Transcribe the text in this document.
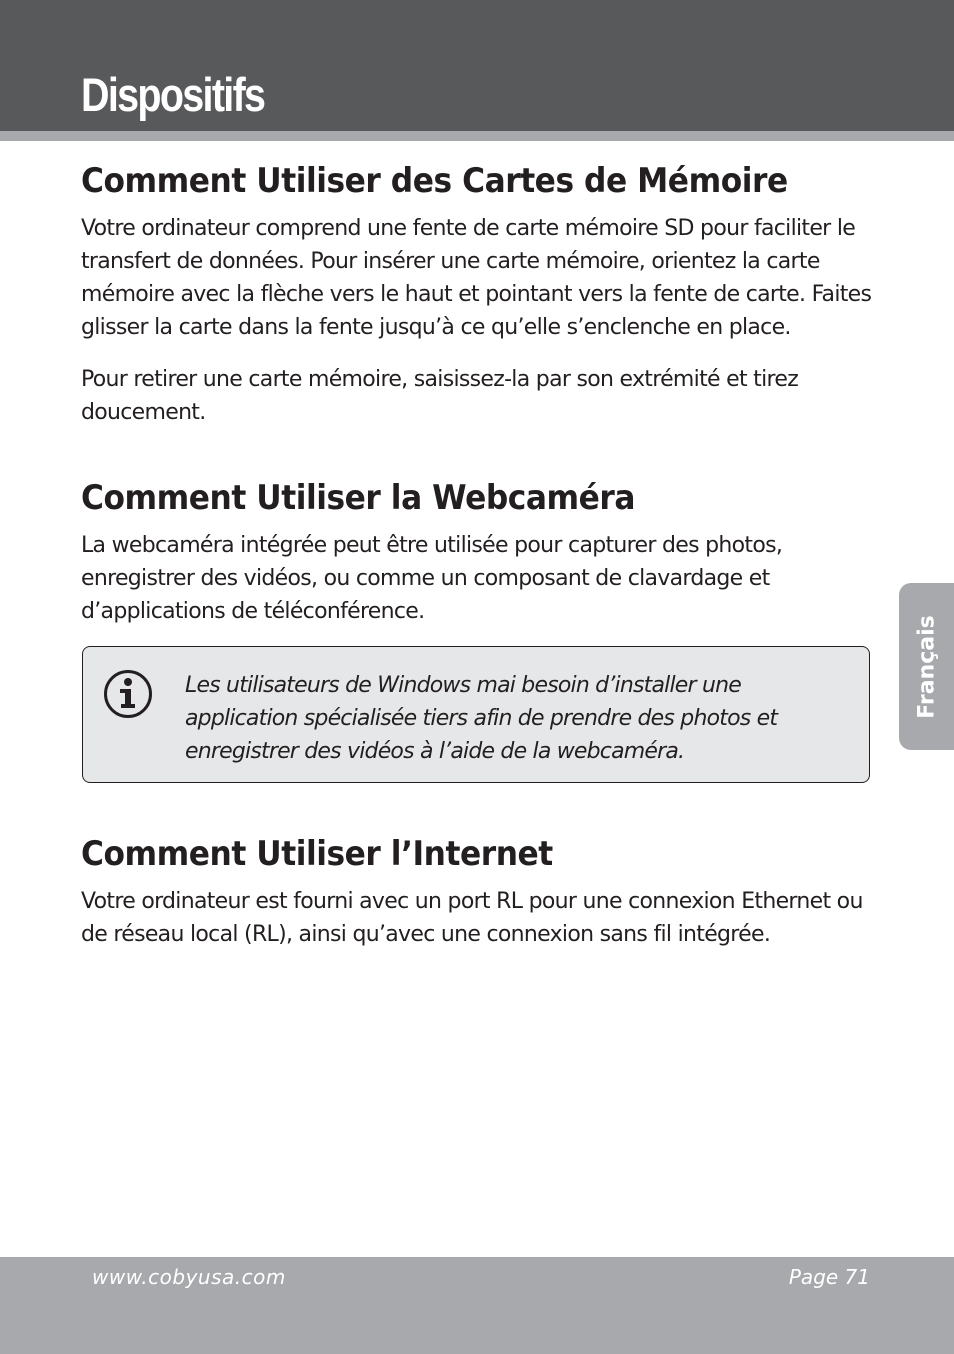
Dispositifs
Comment Utiliser des Cartes de Mémoire

Votre ordinateur comprend une fente de carte mémoire SD pour faciliter le transfert de données. Pour insérer une carte mémoire, orientez la carte mémoire avec la flèche vers le haut et pointant vers la fente de carte. Faites glisser la carte dans la fente jusqu’à ce qu’elle s’enclenche en place.

Pour retirer une carte mémoire, saisissez-la par son extrémité et tirez doucement.

Comment Utiliser la Webcaméra

La webcaméra intégrée peut être utilisée pour capturer des photos, enregistrer des vidéos, ou comme un composant de clavardage et d’applications de téléconférence.

Les utilisateurs de Windows mai besoin d’installer une application spécialisée tiers afin de prendre des photos et enregistrer des vidéos à l’aide de la webcaméra.

Comment Utiliser l’Internet

Votre ordinateur est fourni avec un port RL pour une connexion Ethernet ou de réseau local (RL), ainsi qu’avec une connexion sans fil intégrée.

Français
www.cobyusa.com	Page 71
